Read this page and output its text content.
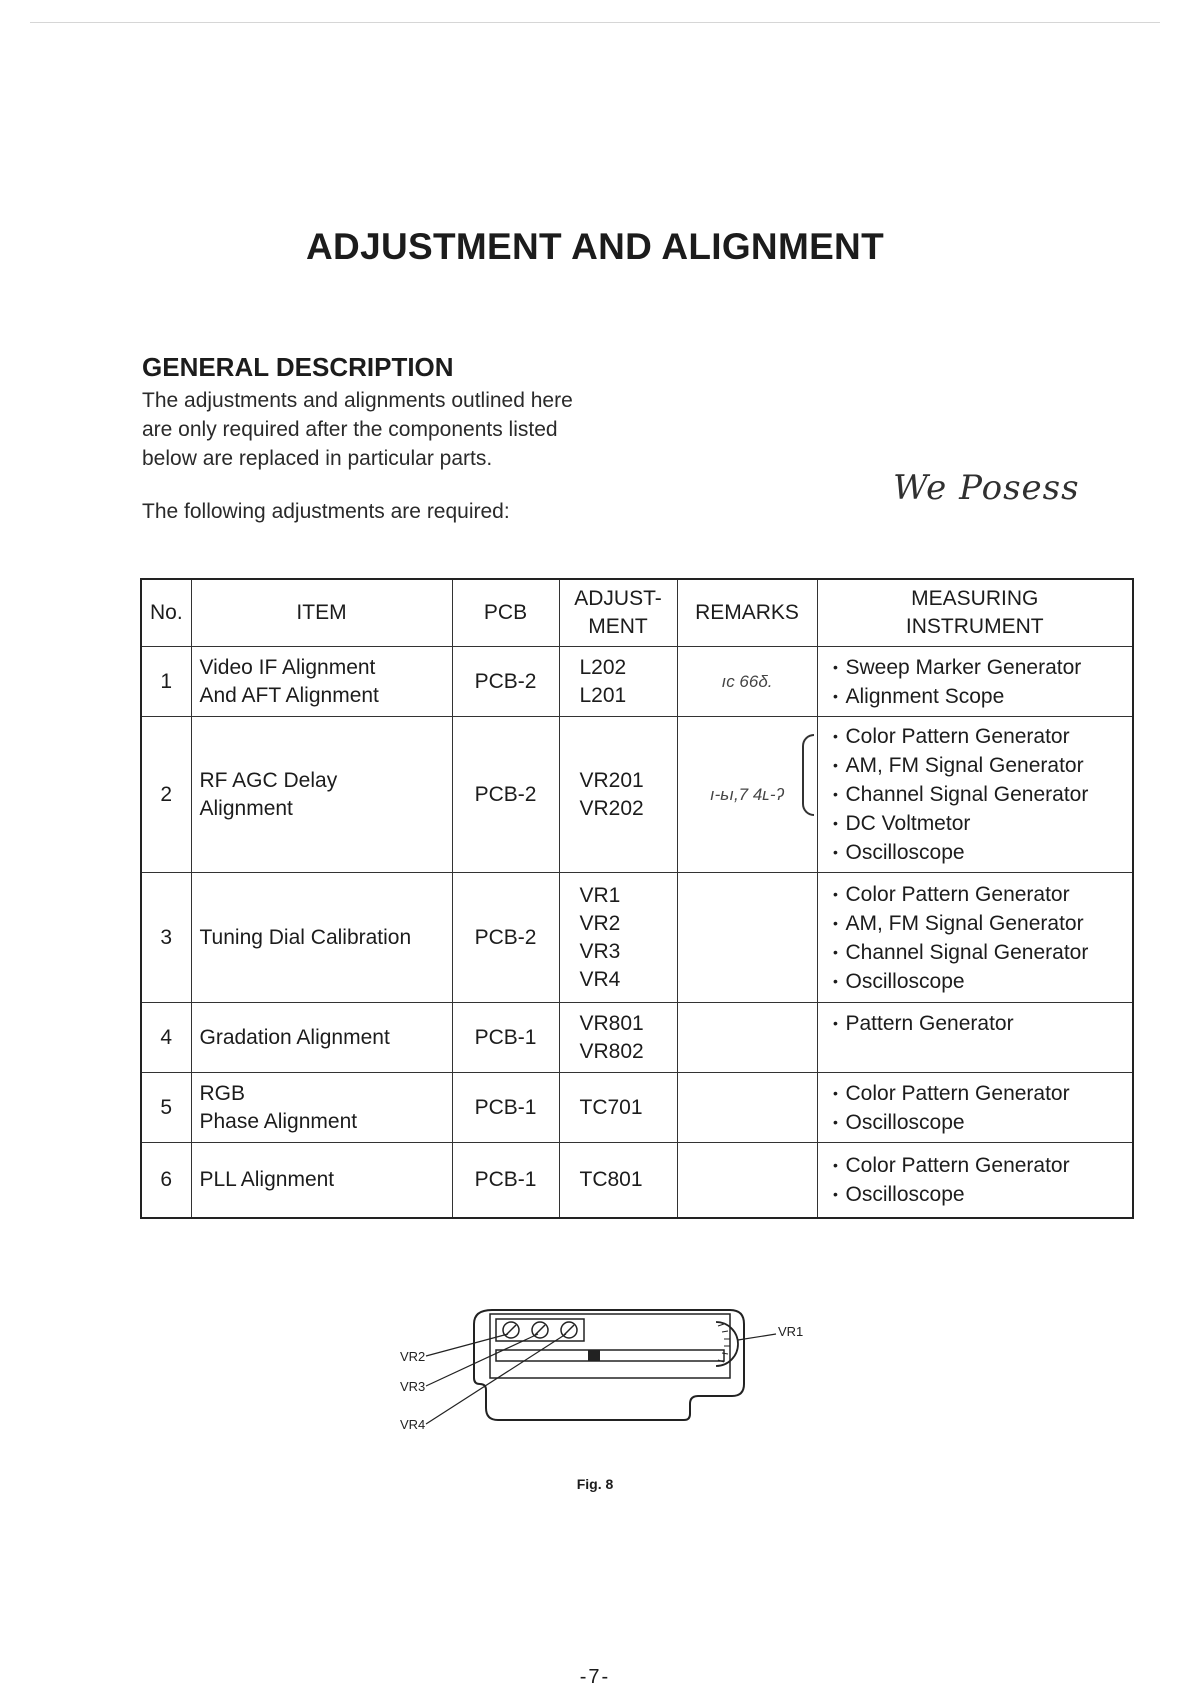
ADJUSTMENT AND ALIGNMENT
GENERAL DESCRIPTION

The adjustments and alignments outlined here
are only required after the components listed
below are replaced in particular parts.

The following adjustments are required:

We Posess
No.	ITEM	PCB	ADJUST-
MENT	REMARKS	MEASURING
INSTRUMENT

1	Video IF Alignment
And AFT Alignment	PCB-2	L202
L201	ıc 66δ.	• Sweep Marker Generator
• Alignment Scope

2	RF AGC Delay
Alignment	PCB-2	VR201
VR202	ı-ьı,7 4ʟ-ʔ	• Color Pattern Generator
• AM, FM Signal Generator
• Channel Signal Generator
• DC Voltmetor
• Oscilloscope

3	Tuning Dial Calibration	PCB-2	VR1
VR2
VR3
VR4		• Color Pattern Generator
• AM, FM Signal Generator
• Channel Signal Generator
• Oscilloscope

4	Gradation Alignment	PCB-1	VR801
VR802		• Pattern Generator

5	RGB
Phase Alignment	PCB-1	TC701		• Color Pattern Generator
• Oscilloscope

6	PLL Alignment	PCB-1	TC801		• Color Pattern Generator
• Oscilloscope
VR1
VR2
VR3
VR4

Fig. 8

-7-
